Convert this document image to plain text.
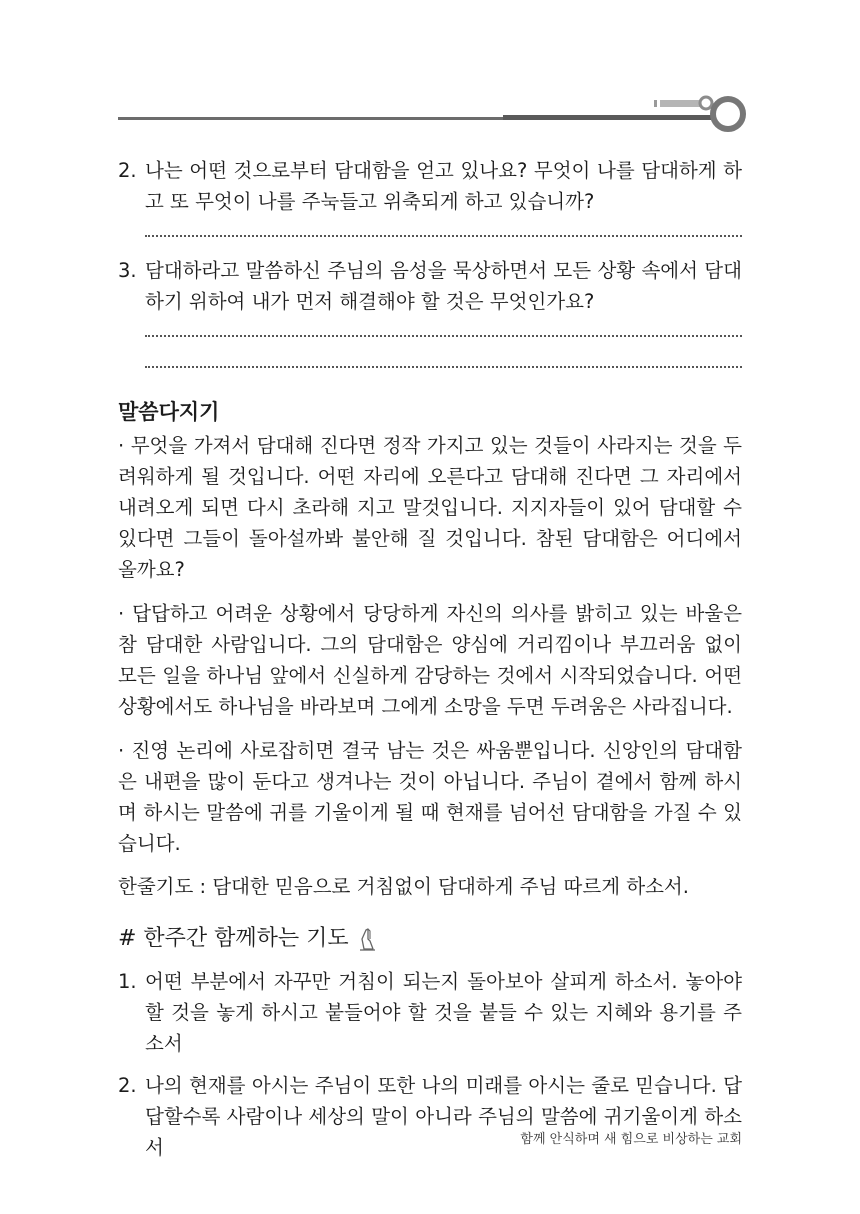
2. 나는 어떤 것으로부터 담대함을 얻고 있나요? 무엇이 나를 담대하게 하고 또 무엇이 나를 주눅들고 위축되게 하고 있습니까?
3. 담대하라고 말씀하신 주님의 음성을 묵상하면서 모든 상황 속에서 담대하기 위하여 내가 먼저 해결해야 할 것은 무엇인가요?
말씀다지기

· 무엇을 가져서 담대해 진다면 정작 가지고 있는 것들이 사라지는 것을 두려워하게 될 것입니다. 어떤 자리에 오른다고 담대해 진다면 그 자리에서 내려오게 되면 다시 초라해 지고 말것입니다. 지지자들이 있어 담대할 수 있다면 그들이 돌아설까봐 불안해 질 것입니다. 참된 담대함은 어디에서 올까요?

· 답답하고 어려운 상황에서 당당하게 자신의 의사를 밝히고 있는 바울은 참 담대한 사람입니다. 그의 담대함은 양심에 거리낌이나 부끄러움 없이 모든 일을 하나님 앞에서 신실하게 감당하는 것에서 시작되었습니다. 어떤 상황에서도 하나님을 바라보며 그에게 소망을 두면 두려움은 사라집니다.

· 진영 논리에 사로잡히면 결국 남는 것은 싸움뿐입니다. 신앙인의 담대함은 내편을 많이 둔다고 생겨나는 것이 아닙니다. 주님이 곁에서 함께 하시며 하시는 말씀에 귀를 기울이게 될 때 현재를 넘어선 담대함을 가질 수 있습니다.

한줄기도 : 담대한 믿음으로 거침없이 담대하게 주님 따르게 하소서.

# 한주간 함께하는 기도
1. 어떤 부분에서 자꾸만 거침이 되는지 돌아보아 살피게 하소서. 놓아야 할 것을 놓게 하시고 붙들어야 할 것을 붙들 수 있는 지혜와 용기를 주소서
2. 나의 현재를 아시는 주님이 또한 나의 미래를 아시는 줄로 믿습니다. 답답할수록 사람이나 세상의 말이 아니라 주님의 말씀에 귀기울이게 하소서	함께 안식하며 새 힘으로 비상하는 교회
